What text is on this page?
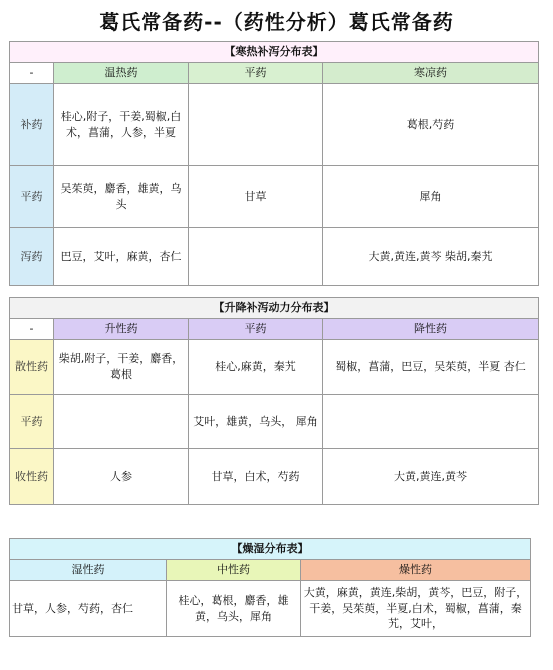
葛氏常备药--（药性分析）葛氏常备药
【寒热补泻分布表】			
-	温热药	平药	寒凉药
补药	桂心,附子，干姜,蜀椒,白术，菖蒲，人参，半夏		葛根,芍药
平药	吴茱萸，麝香，雄黄，乌头	甘草	犀角
泻药	巴豆，艾叶，麻黄，杏仁		大黄,黄连,黄芩 柴胡,秦艽
【升降补泻动力分布表】			
-	升性药	平药	降性药
散性药	柴胡,附子，干姜，麝香，葛根	桂心,麻黄，秦艽	蜀椒，菖蒲，巴豆，吴茱萸，半夏 杏仁
平药		艾叶，雄黄，乌头， 犀角	
收性药	人参	甘草，白术，芍药	大黄,黄连,黄芩
【燥湿分布表】		
湿性药	中性药	燥性药
甘草，人参，芍药，杏仁	桂心，葛根，麝香，雄黄，乌头，犀角	大黄，麻黄，黄连,柴胡，黄芩，巴豆，附子，干姜，吴茱萸，半夏,白术，蜀椒，菖蒲，秦艽，艾叶，
